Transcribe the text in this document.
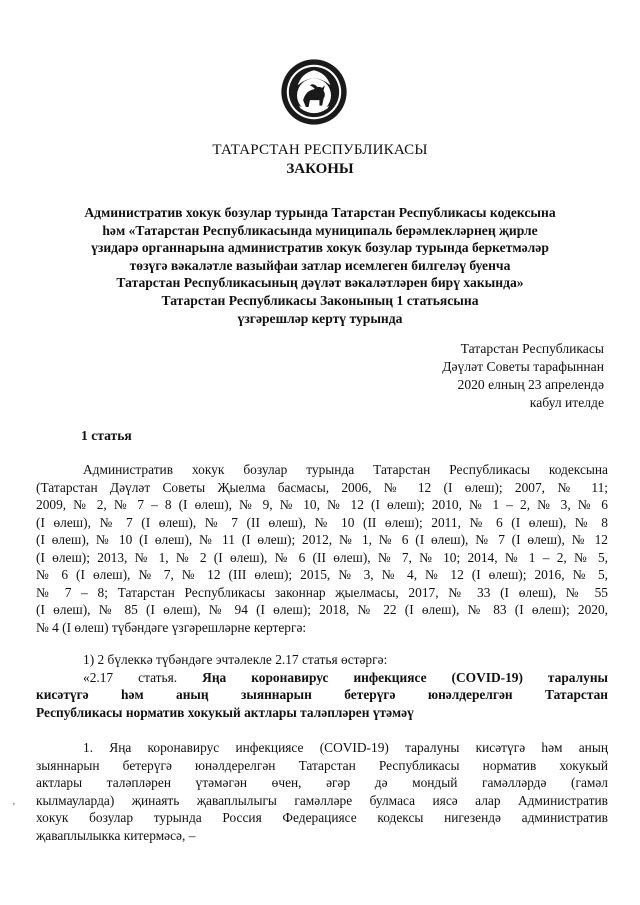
ТАТАРСТАН РЕСПУБЛИКАСЫ
ЗАКОНЫ
Административ хокук бозулар турында Татарстан Республикасы кодексына
һәм «Татарстан Республикасында муниципаль берәмлекләрнең җирле
үзидарә органнарына административ хокук бозулар турында беркетмәләр
төзүгә вәкаләтле вазыйфаи затлар исемлеген билгеләү буенча
Татарстан Республикасының дәүләт вәкаләтләрен бирү хакында»
Татарстан Республикасы Законының 1 статьясына
үзгәрешләр кертү турында
Татарстан Республикасы
Дәүләт Советы тарафыннан
2020 елның 23 апрелендә
кабул ителде
1 статья
Административ хокук бозулар турында Татарстан Республикасы кодексына
(Татарстан Дәүләт Советы Җыелма басмасы, 2006, № 12 (I өлеш); 2007, № 11;
2009, № 2, № 7 – 8 (I өлеш), № 9, № 10, № 12 (I өлеш); 2010, № 1 – 2, № 3, № 6
(I өлеш), № 7 (I өлеш), № 7 (II өлеш), № 10 (II өлеш); 2011, № 6 (I өлеш), № 8
(I өлеш), № 10 (I өлеш), № 11 (I өлеш); 2012, № 1, № 6 (I өлеш), № 7 (I өлеш), № 12
(I өлеш); 2013, № 1, № 2 (I өлеш), № 6 (II өлеш), № 7, № 10; 2014, № 1 – 2, № 5,
№ 6 (I өлеш), № 7, № 12 (III өлеш); 2015, № 3, № 4, № 12 (I өлеш); 2016, № 5,
№ 7 – 8; Татарстан Республикасы законнар җыелмасы, 2017, № 33 (I өлеш), № 55
(I өлеш), № 85 (I өлеш), № 94 (I өлеш); 2018, № 22 (I өлеш), № 83 (I өлеш); 2020,
№ 4 (I өлеш) түбәндәге үзгәрешләрне кертергә:
1) 2 бүлеккә түбәндәге эчтәлекле 2.17 статья өстәргә:
«2.17 статья. Яңа коронавирус инфекциясе (COVID-19) таралуны
кисәтүгә һәм аның зыяннарын бетерүгә юнәлдерелгән Татарстан
Республикасы норматив хокукый актлары таләпләрен үтәмәү
1. Яңа коронавирус инфекциясе (COVID-19) таралуны кисәтүгә һәм аның
зыяннарын бетерүгә юнәлдерелгән Татарстан Республикасы норматив хокукый
актлары таләпләрен үтәмәгән өчен, әгәр дә мондый гамәлләрдә (гамәл
кылмауларда) җинаять җаваплылыгы гамәлләре булмаса иясә алар Административ
хокук бозулар турында Россия Федерациясе кодексы нигезендә административ
җаваплылыкка китермәсә, –
'
